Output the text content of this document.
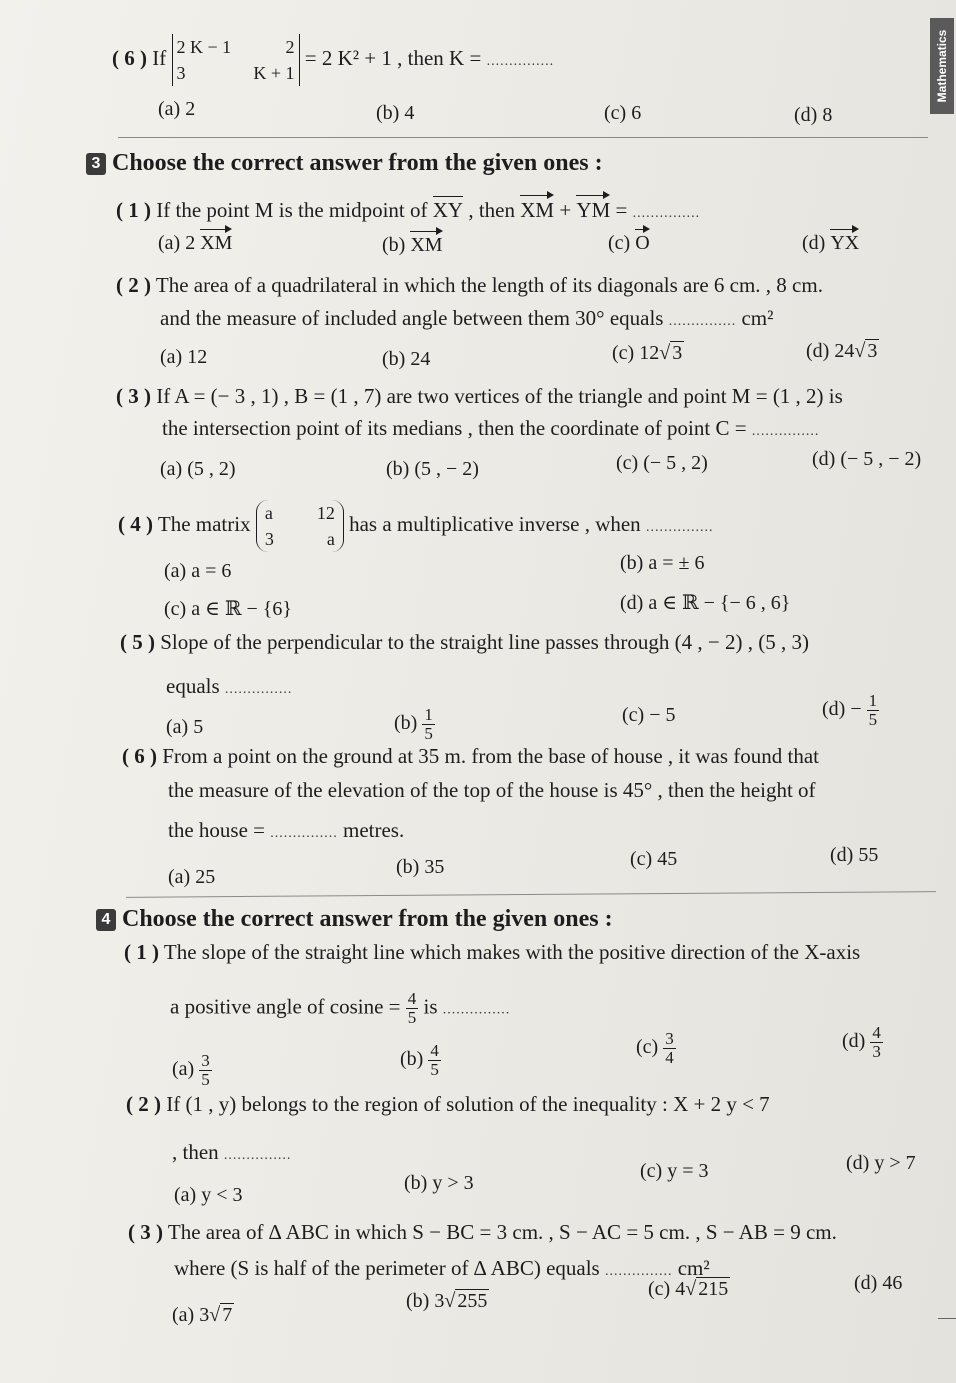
Mathematics
( 6 ) If 2 K − 1	2
3	K + 1
= 2 K² + 1 , then K = ...............
(a) 2	(b) 4	(c) 6	(d) 8
3 Choose the correct answer from the given ones :
( 1 ) If the point M is the midpoint of XY , then XM + YM = ...............
(a) 2 XM	(b) XM	(c) O	(d) YX
( 2 ) The area of a quadrilateral in which the length of its diagonals are 6 cm. , 8 cm.
and the measure of included angle between them 30° equals ............... cm²
(a) 12	(b) 24	(c) 12√ 3	(d) 24√ 3
( 3 ) If A = (− 3 , 1) , B = (1 , 7) are two vertices of the triangle and point M = (1 , 2) is
the intersection point of its medians , then the coordinate of point C = ...............
(a) (5 , 2)	(b) (5 , − 2)	(c) (− 5 , 2)	(d) (− 5 , − 2)
( 4 ) The matrix a 12
3	a
has a multiplicative inverse , when ...............
(a) a = 6	(b) a = ± 6
(c) a ∈ ℝ − {6}	(d) a ∈ ℝ − {− 6 , 6}
( 5 ) Slope of the perpendicular to the straight line passes through (4 , − 2) , (5 , 3)
equals ...............
(a) 5	$(b) \frac{1}{5}$	(c) − 5	$(d) - \frac{1}{5}$
( 6 ) From a point on the ground at 35 m. from the base of house , it was found that
the measure of the elevation of the top of the house is 45° , then the height of
the house = ............... metres.
(a) 25	(b) 35	(c) 45	(d) 55
4 Choose the correct answer from the given ones :
( 1 ) The slope of the straight line which makes with the positive direction of the X-axis
a positive angle of $cosine = \frac{4}{5}$ is ...............
$(a) \frac{3}{5}$	$(b) \frac{4}{5}$	$(c) \frac{3}{4}$	$(d) \frac{4}{3}$
( 2 ) If (1 , y) belongs to the region of solution of the inequality : X + 2 y < 7
, then ...............
(a) y < 3
(b) y > 3
(c) y = 3	(d) y > 7
( 3 ) The area of ∆ ABC in which S − BC = 3 cm. , S − AC = 5 cm. , S − AB = 9 cm.
where (S is half of the perimeter of ∆ ABC) equals ............... cm²
(a) 3√ 7
(b) 3√ 255
(c) 4√ 215	(d) 46
